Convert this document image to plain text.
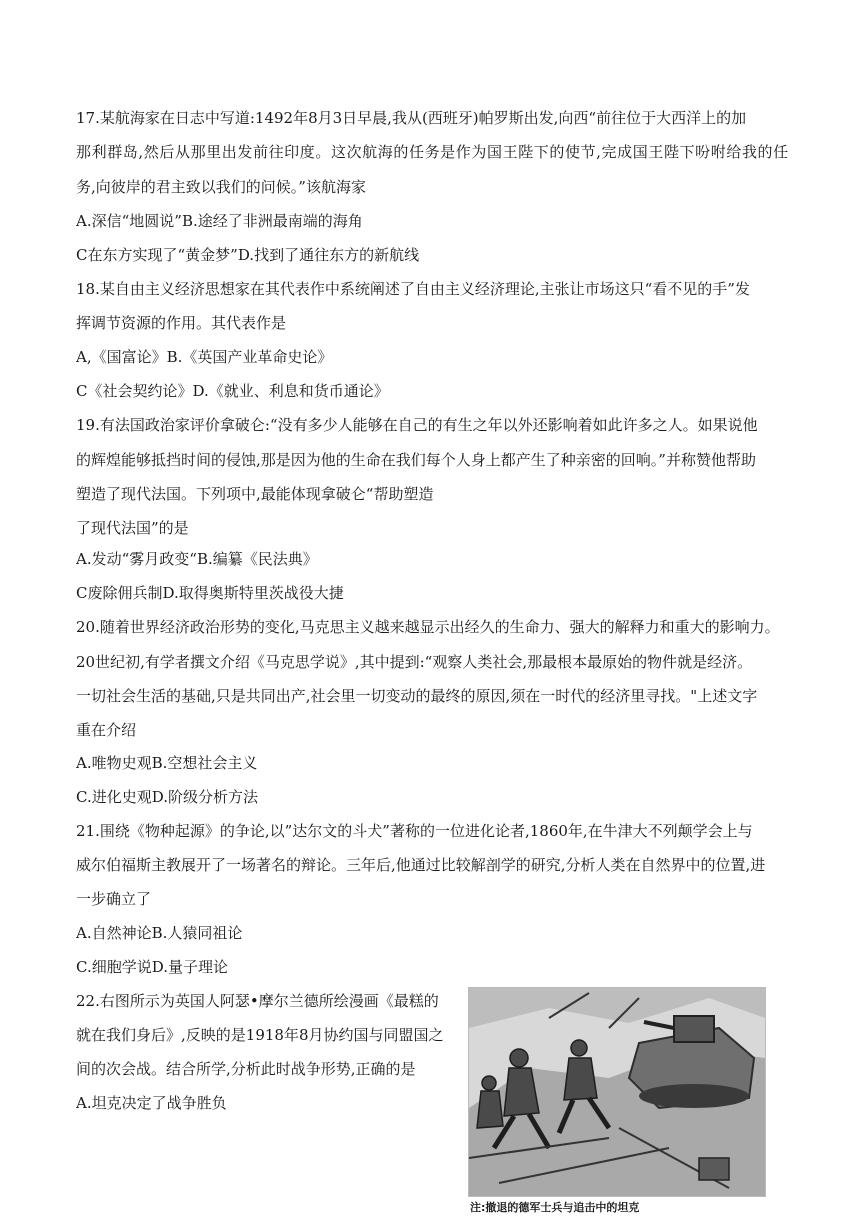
17.某航海家在日志中写道:1492年8月3日早晨,我从(西班牙)帕罗斯出发,向西“前往位于大西洋上的加
那利群岛,然后从那里出发前往印度。这次航海的任务是作为国王陛下的使节,完成国王陛下吩咐给我的任
务,向彼岸的君主致以我们的问候。”该航海家
A.深信“地圆说”B.途经了非洲最南端的海角
C在东方实现了“黄金梦”D.找到了通往东方的新航线
18.某自由主义经济思想家在其代表作中系统阐述了自由主义经济理论,主张让市场这只“看不见的手”发
挥调节资源的作用。其代表作是
A,《国富论》B.《英国产业革命史论》
C《社会契约论》D.《就业、利息和货币通论》
19.有法国政治家评价拿破仑:“没有多少人能够在自己的有生之年以外还影响着如此许多之人。如果说他
的辉煌能够抵挡时间的侵蚀,那是因为他的生命在我们每个人身上都产生了种亲密的回响。”并称赞他帮助
塑造了现代法国。下列项中,最能体现拿破仑“帮助塑造
了现代法国”的是
A.发动“雾月政变“B.编纂《民法典》
C废除佣兵制D.取得奥斯特里茨战役大捷
20.随着世界经济政治形势的变化,马克思主义越来越显示出经久的生命力、强大的解释力和重大的影响力。
20世纪初,有学者撰文介绍《马克思学说》,其中提到:“观察人类社会,那最根本最原始的物件就是经济。
一切社会生活的基础,只是共同出产,社会里一切变动的最终的原因,须在一时代的经济里寻找。"上述文字
重在介绍
A.唯物史观B.空想社会主义
C.进化史观D.阶级分析方法
21.围绕《物种起源》的争论,以”达尔文的斗犬”著称的一位进化论者,1860年,在牛津大不列颠学会上与
威尔伯福斯主教展开了一场著名的辩论。三年后,他通过比较解剖学的研究,分析人类在自然界中的位置,进
一步确立了
A.自然神论B.人猿同祖论
C.细胞学说D.量子理论
22.右图所示为英国人阿瑟•摩尔兰德所绘漫画《最糕的
就在我们身后》,反映的是1918年8月协约国与同盟国之
间的次会战。结合所学,分析此时战争形势,正确的是
A.坦克决定了战争胜负
注:撤退的德军士兵与追击中的坦克
